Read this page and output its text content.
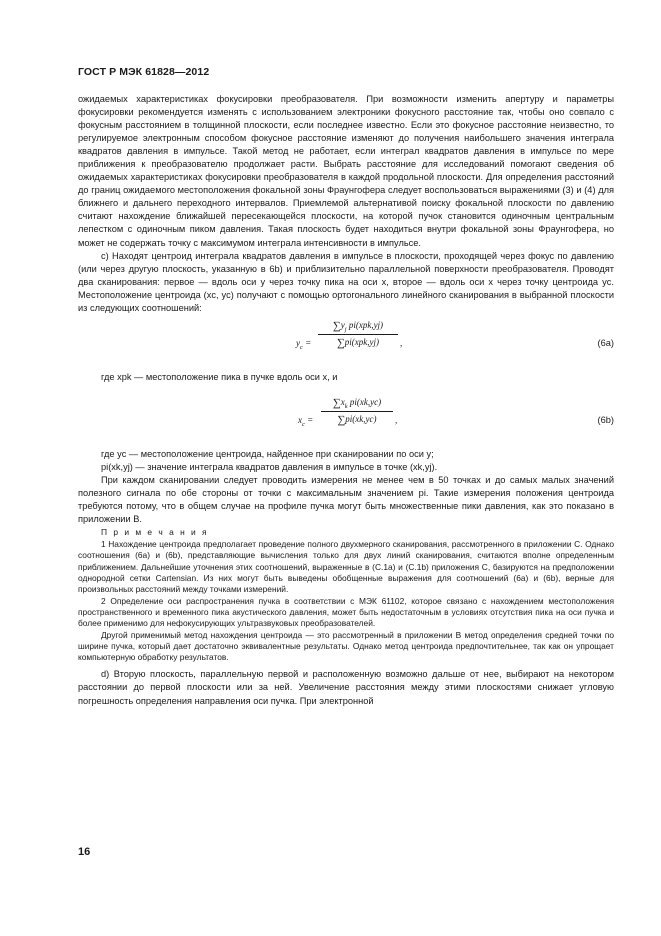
ГОСТ Р МЭК 61828—2012

ожидаемых характеристиках фокусировки преобразователя. При возможности изменить апертуру и параметры фокусировки рекомендуется изменять с использованием электроники фокусного расстояние так, чтобы оно совпало с фокусным расстоянием в толщинной плоскости, если последнее известно. Если это фокусное расстояние неизвестно, то регулируемое электронным способом фокусное расстояние изменяют до получения наибольшего значения интеграла квадратов давления в импульсе. Такой метод не работает, если интеграл квадратов давления в импульсе по мере приближения к преобразователю продолжает расти. Выбрать расстояние для исследований помогают сведения об ожидаемых характеристиках фокусировки преобразователя в каждой продольной плоскости. Для определения расстояний до границ ожидаемого местоположения фокальной зоны Фраунгофера следует воспользоваться выражениями (3) и (4) для ближнего и дальнего переходного интервалов. Приемлемой альтернативой поиску фокальной плоскости по давлению считают нахождение ближайшей пересекающейся плоскости, на которой пучок становится одиночным центральным лепестком с одиночным пиком давления. Такая плоскость будет находиться внутри фокальной зоны Фраунгофера, но может не содержать точку с максимумом интеграла интенсивности в импульсе.

с) Находят центроид интеграла квадратов давления в импульсе в плоскости, проходящей через фокус по давлению (или через другую плоскость, указанную в 6b) и приблизительно параллельной поверхности преобразователя. Проводят два сканирования: первое — вдоль оси y через точку пика на оси x, второе — вдоль оси x через точку центроида yc. Местоположение центроида (xc, yc) получают с помощью ортогонального линейного сканирования в выбранной плоскости из следующих соотношений:

$y_c$ =
$\sum y_j$ pi(xpk,yj)
∑pi(xpk,yj)	,	(6a)

где xpk — местоположение пика в пучке вдоль оси x, и

$x_c$ =
$\sum x_k$ pi(xk,yc)
∑pi(xk,yc)	,	(6b)

где yc — местоположение центроида, найденное при сканировании по оси y;

pi(xk,yj) — значение интеграла квадратов давления в импульсе в точке (xk,yj).

При каждом сканировании следует проводить измерения не менее чем в 50 точках и до самых малых значений полезного сигнала по обе стороны от точки с максимальным значением pi. Такие измерения положения центроида требуются потому, что в общем случае на профиле пучка могут быть множественные пики давления, как это показано в приложении В.

П р и м е ч а н и я

1 Нахождение центроида предполагает проведение полного двухмерного сканирования, рассмотренного в приложении С. Однако соотношения (6а) и (6b), представляющие вычисления только для двух линий сканирования, считаются вполне определенным приближением. Дальнейшие уточнения этих соотношений, выраженные в (С.1а) и (С.1b) приложения С, базируются на предположении однородной сетки Cartensian. Из них могут быть выведены обобщенные выражения для соотношений (6а) и (6b), верные для произвольных расстояний между точками измерений.

2 Определение оси распространения пучка в соответствии с МЭК 61102, которое связано с нахождением местоположения пространственного и временного пика акустического давления, может быть недостаточным в условиях отсутствия пика на оси пучка и более применимо для нефокусирующих ультразвуковых преобразователей.

Другой применимый метод нахождения центроида — это рассмотренный в приложении В метод определения средней точки по ширине пучка, который дает достаточно эквивалентные результаты. Однако метод центроида предпочтительнее, так как он упрощает компьютерную обработку результатов.

d) Вторую плоскость, параллельную первой и расположенную возможно дальше от нее, выбирают на некотором расстоянии до первой плоскости или за ней. Увеличение расстояния между этими плоскостями снижает угловую погрешность определения направления оси пучка. При электронной

16
